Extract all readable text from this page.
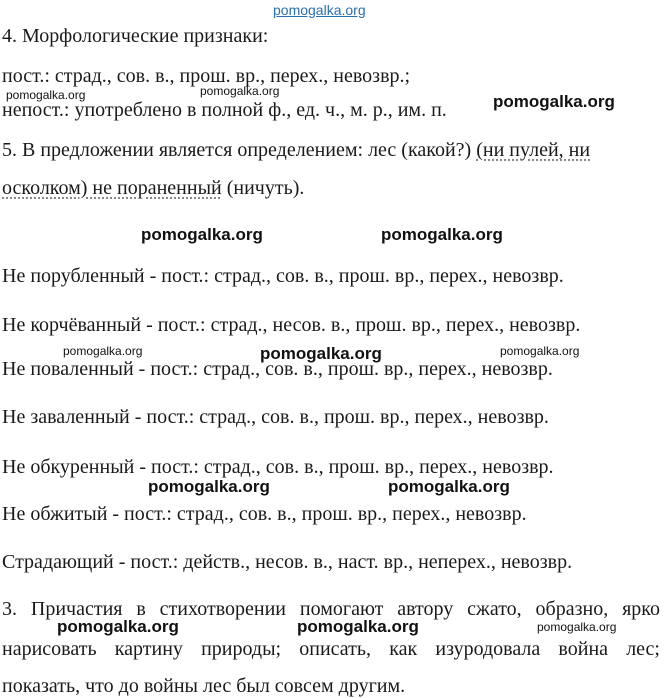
pomogalka.org
4. Морфологические признаки:
пост.: страд., сов. в., прош. вр., перех., невозвр.;
непост.: употреблено в полной ф., ед. ч., м. р., им. п.
5. В предложении является определением: лес (какой?) (ни пулей, ни
осколком) не пораненный (ничуть).
Не порубленный - пост.: страд., сов. в., прош. вр., перех., невозвр.
Не корчёванный - пост.: страд., несов. в., прош. вр., перех., невозвр.
Не поваленный - пост.: страд., сов. в., прош. вр., перех., невозвр.
Не заваленный - пост.: страд., сов. в., прош. вр., перех., невозвр.
Не обкуренный - пост.: страд., сов. в., прош. вр., перех., невозвр.
Не обжитый - пост.: страд., сов. в., прош. вр., перех., невозвр.
Страдающий - пост.: действ., несов. в., наст. вр., неперех., невозвр.
3. Причастия в стихотворении помогают автору сжато, образно, ярко
нарисовать картину природы; описать, как изуродовала война лес;
показать, что до войны лес был совсем другим.
pomogalka.org	pomogalka.org
pomogalka.org
pomogalka.org	pomogalka.org
pomogalka.org	pomogalka.org	pomogalka.org
pomogalka.org	pomogalka.org
pomogalka.org	pomogalka.org	pomogalka.org
